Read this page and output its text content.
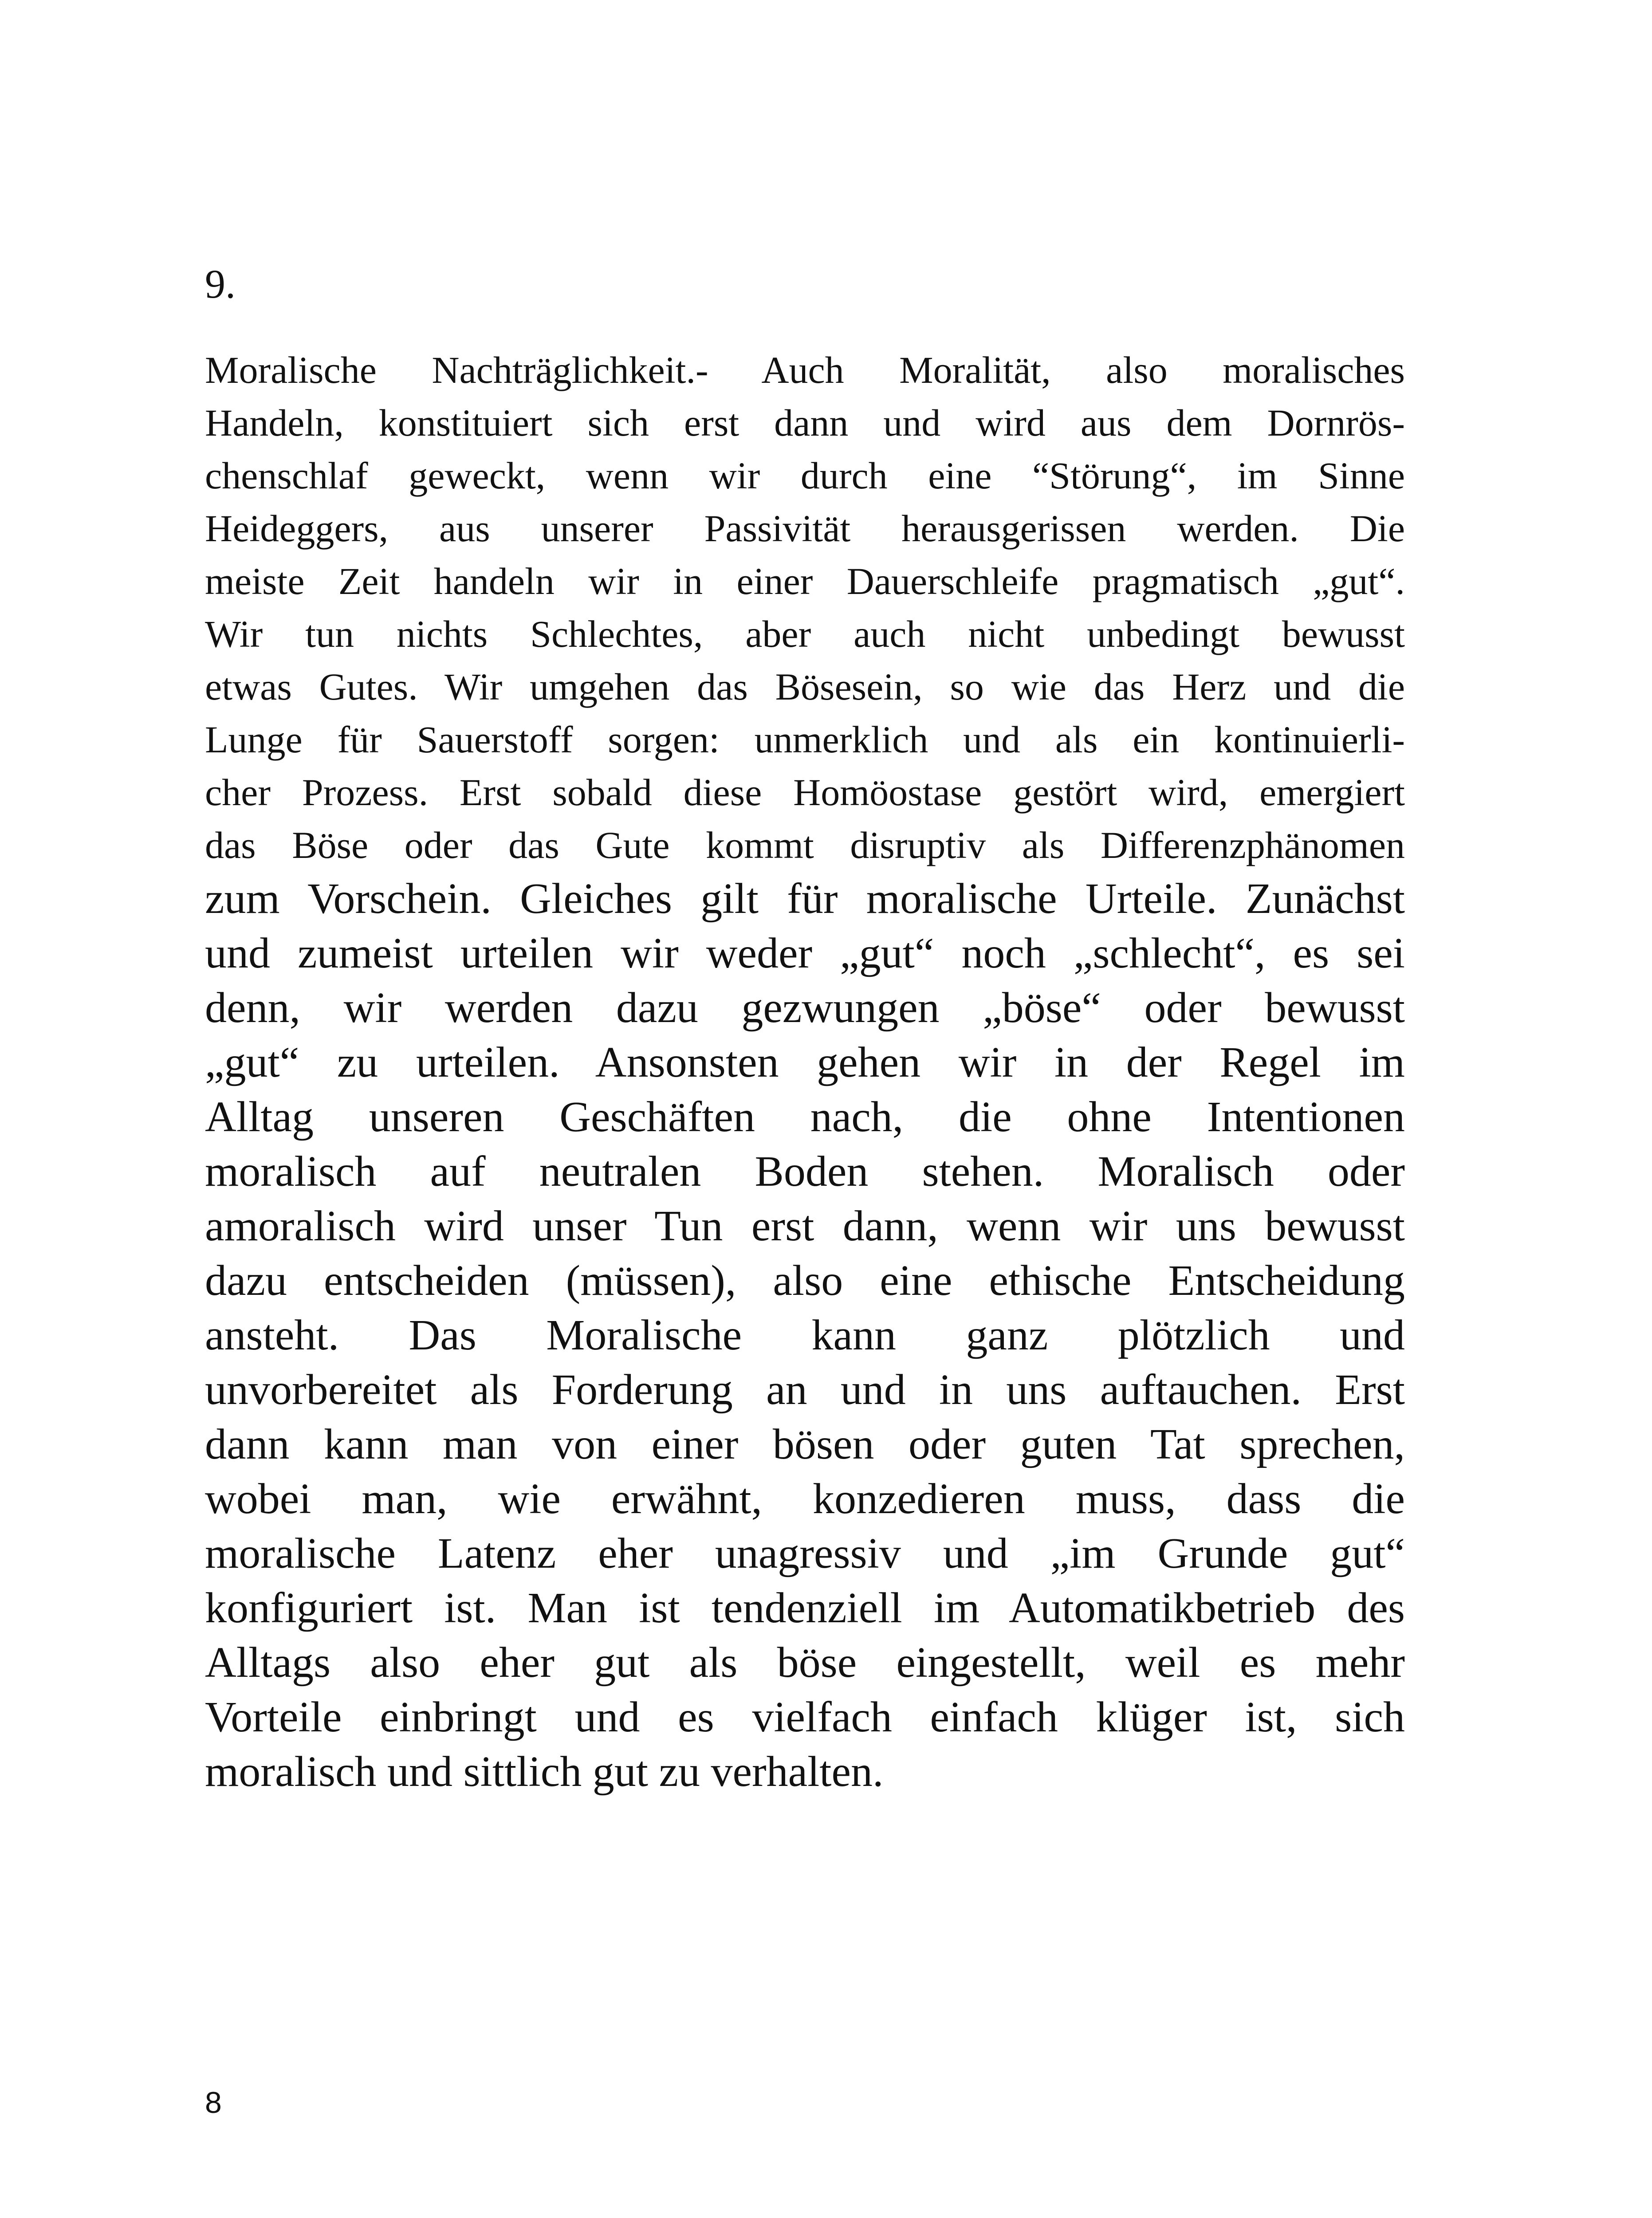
9.

Moralische Nachträglichkeit.- Auch Moralität, also moralisches
Handeln, konstituiert sich erst dann und wird aus dem Dornrös-
chenschlaf geweckt, wenn wir durch eine “Störung“, im Sinne
Heideggers, aus unserer Passivität herausgerissen werden. Die
meiste Zeit handeln wir in einer Dauerschleife pragmatisch „gut“.
Wir tun nichts Schlechtes, aber auch nicht unbedingt bewusst
etwas Gutes. Wir umgehen das Bösesein, so wie das Herz und die
Lunge für Sauerstoff sorgen: unmerklich und als ein kontinuierli-
cher Prozess. Erst sobald diese Homöostase gestört wird, emergiert
das Böse oder das Gute kommt disruptiv als Differenzphänomen
zum Vorschein. Gleiches gilt für moralische Urteile. Zunächst
und zumeist urteilen wir weder „gut“ noch „schlecht“, es sei
denn, wir werden dazu gezwungen „böse“ oder bewusst
„gut“ zu urteilen. Ansonsten gehen wir in der Regel im
Alltag unseren Geschäften nach, die ohne Intentionen
moralisch auf neutralen Boden stehen. Moralisch oder
amoralisch wird unser Tun erst dann, wenn wir uns bewusst
dazu entscheiden (müssen), also eine ethische Entscheidung
ansteht. Das Moralische kann ganz plötzlich und
unvorbereitet als Forderung an und in uns auftauchen. Erst
dann kann man von einer bösen oder guten Tat sprechen,
wobei man, wie erwähnt, konzedieren muss, dass die
moralische Latenz eher unagressiv und „im Grunde gut“
konfiguriert ist. Man ist tendenziell im Automatikbetrieb des
Alltags also eher gut als böse eingestellt, weil es mehr
Vorteile einbringt und es vielfach einfach klüger ist, sich
moralisch und sittlich gut zu verhalten.

8
